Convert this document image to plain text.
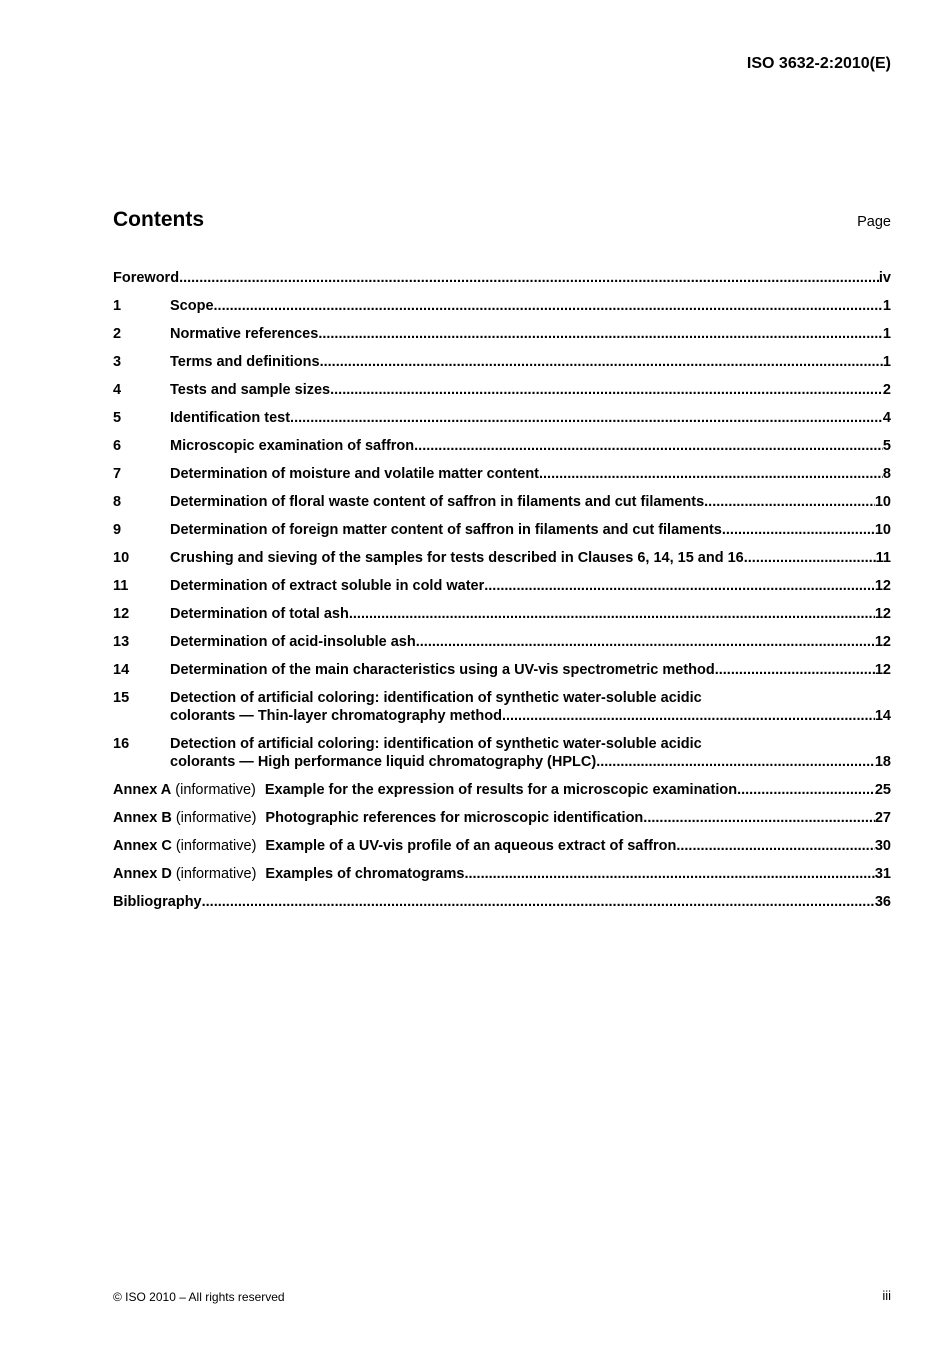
ISO 3632-2:2010(E)
Contents	Page
Foreword .....	iv
1	Scope .....	1
2	Normative references .....	1
3	Terms and definitions .....	1
4	Tests and sample sizes .....	2
5	Identification test .....	4
6	Microscopic examination of saffron .....	5
7	Determination of moisture and volatile matter content .....	8
8	Determination of floral waste content of saffron in filaments and cut filaments .....	10
9	Determination of foreign matter content of saffron in filaments and cut filaments .....	10
10	Crushing and sieving of the samples for tests described in Clauses 6, 14, 15 and 16 .....	11
11	Determination of extract soluble in cold water .....	12
12	Determination of total ash .....	12
13	Determination of acid-insoluble ash .....	12
14	Determination of the main characteristics using a UV-vis spectrometric method .....	12
15	Detection of artificial coloring: identification of synthetic water-soluble acidic
colorants — Thin-layer chromatography method .....	14
16	Detection of artificial coloring: identification of synthetic water-soluble acidic
colorants — High performance liquid chromatography (HPLC) .....	18
Annex A (informative) Example for the expression of results for a microscopic examination .....	25
Annex B (informative) Photographic references for microscopic identification .....	27
Annex C (informative) Example of a UV-vis profile of an aqueous extract of saffron .....	30
Annex D (informative) Examples of chromatograms .....	31
Bibliography .....	36
© ISO 2010 – All rights reserved	iii
